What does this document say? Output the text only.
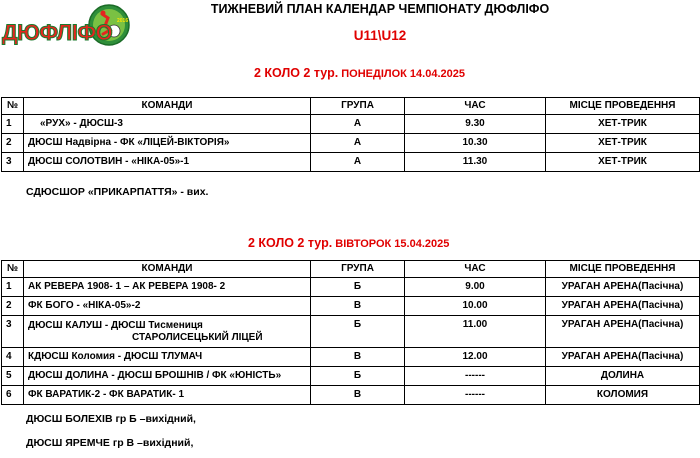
2016
ДЮФЛІФО
ТИЖНЕВИЙ ПЛАН КАЛЕНДАР ЧЕМПІОНАТУ ДЮФЛІФО
U11\U12
2 КОЛО 2 тур. ПОНЕДІЛОК 14.04.2025
№	КОМАНДИ	ГРУПА	ЧАС	МІСЦЕ ПРОВЕДЕННЯ
1	«РУХ» - ДЮСШ-3	А	9.30	ХЕТ-ТРИК
2	ДЮСШ Надвірна - ФК «ЛІЦЕЙ-ВІКТОРІЯ»	А	10.30	ХЕТ-ТРИК
3	ДЮСШ СОЛОТВИН - «НІКА-05»-1	А	11.30	ХЕТ-ТРИК
СДЮСШОР «ПРИКАРПАТТЯ» - вих.
2 КОЛО 2 тур. ВІВТОРОК 15.04.2025
№	КОМАНДИ	ГРУПА	ЧАС	МІСЦЕ ПРОВЕДЕННЯ
1	АК РЕВЕРА 1908- 1 – АК РЕВЕРА 1908- 2	Б	9.00	УРАГАН АРЕНА(Пасічна)
2	ФК БОГО - «НІКА-05»-2	В	10.00	УРАГАН АРЕНА(Пасічна)
3	ДЮСШ КАЛУШ - ДЮСШ Тисмениця
СТАРОЛИСЕЦЬКИЙ ЛІЦЕЙ	Б	11.00	УРАГАН АРЕНА(Пасічна)
4	КДЮСШ Коломия - ДЮСШ ТЛУМАЧ	В	12.00	УРАГАН АРЕНА(Пасічна)
5	ДЮСШ ДОЛИНА - ДЮСШ БРОШНІВ / ФК «ЮНІСТЬ»	Б	------	ДОЛИНА
6	ФК ВАРАТИК-2 - ФК ВАРАТИК- 1	В	------	КОЛОМИЯ
ДЮСШ БОЛЕХІВ гр Б –вихідний,
ДЮСШ ЯРЕМЧЕ гр В –вихідний,
